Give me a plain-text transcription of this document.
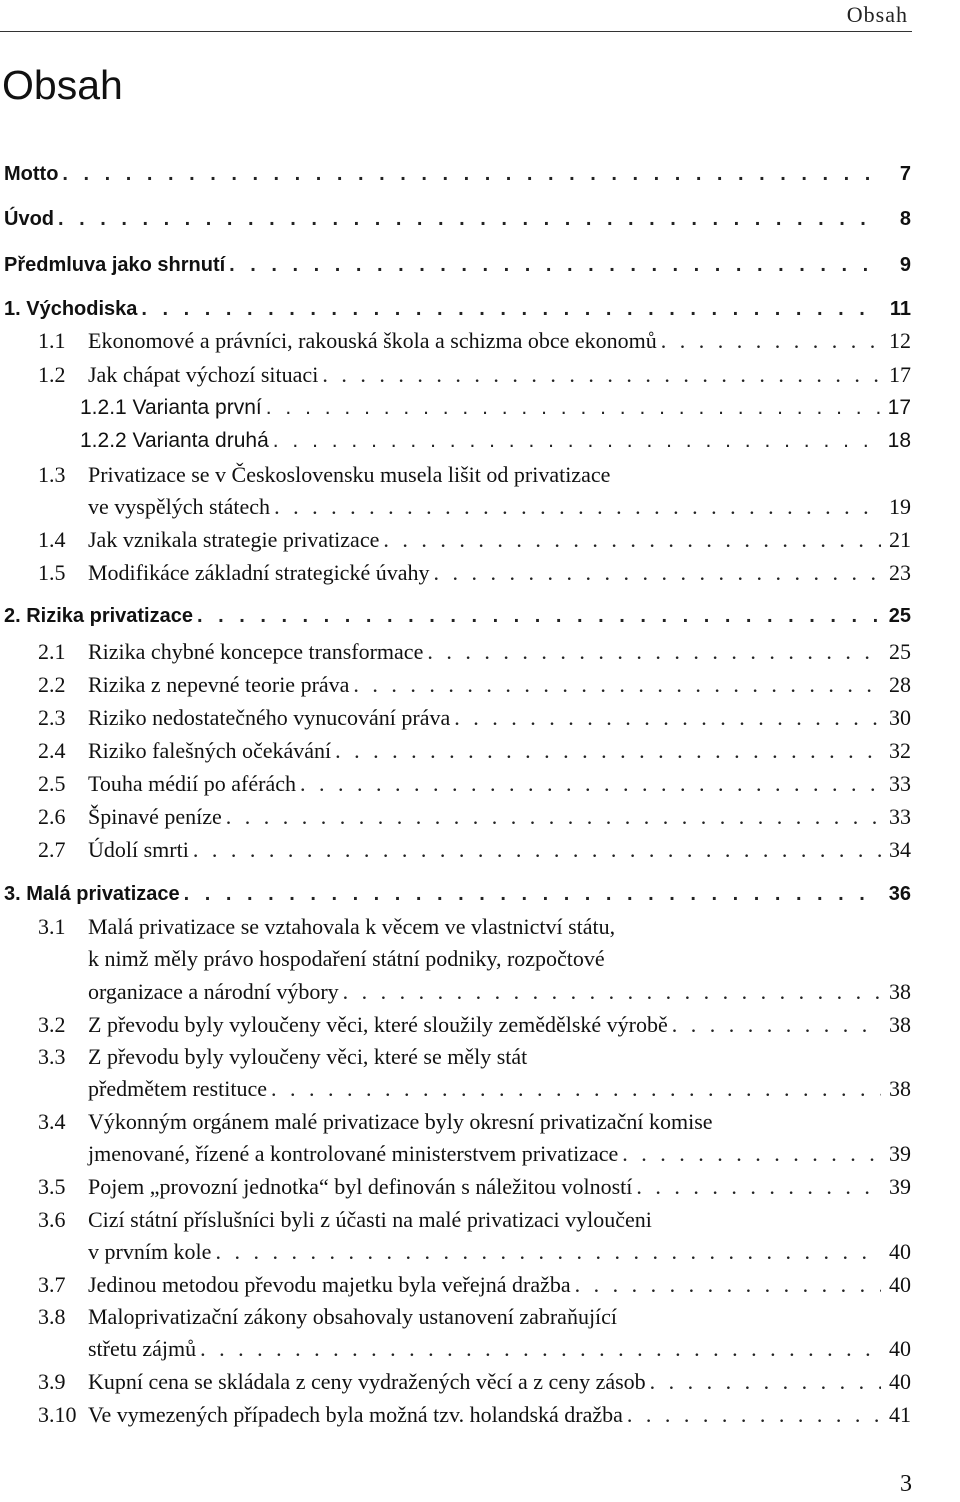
Obsah
Obsah
Motto . . .	7
Úvod . . .	8
Předmluva jako shrnutí . . .	9
1. Východiska . . .	11
1.1	Ekonomové a právníci, rakouská škola a schizma obce ekonomů . . .	12
1.2	Jak chápat výchozí situaci . . .	17
1.2.1 Varianta první . . .	17
1.2.2 Varianta druhá . . .	18
1.3 Privatizace se v Československu musela lišit od privatizace
ve vyspělých státech . . .	19
1.4	Jak vznikala strategie privatizace . . .	21
1.5	Modifikáce základní strategické úvahy . . .	23
2. Rizika privatizace . . .	25
2.1	Rizika chybné koncepce transformace . . .	25
2.2	Rizika z nepevné teorie práva . . .	28
2.3	Riziko nedostatečného vynucování práva . . .	30
2.4	Riziko falešných očekávání . . .	32
2.5	Touha médií po aférách . . .	33
2.6	Špinavé peníze . . .	33
2.7	Údolí smrti . . .	34
3. Malá privatizace . . .	36
3.1 Malá privatizace se vztahovala k věcem ve vlastnictví státu,
k nimž měly právo hospodaření státní podniky, rozpočtové
organizace a národní výbory . . .	38
3.2	Z převodu byly vyloučeny věci, které sloužily zemědělské výrobě . . .	38
3.3 Z převodu byly vyloučeny věci, které se měly stát
předmětem restituce . . .	38
3.4 Výkonným orgánem malé privatizace byly okresní privatizační komise
jmenované, řízené a kontrolované ministerstvem privatizace . . .	39
3.5	Pojem „provozní jednotka“ byl definován s náležitou volností . . .	39
3.6 Cizí státní příslušníci byli z účasti na malé privatizaci vyloučeni
v prvním kole . . .	40
3.7	Jedinou metodou převodu majetku byla veřejná dražba . . .	40
3.8 Maloprivatizační zákony obsahovaly ustanovení zabraňující
střetu zájmů . . .	40
3.9	Kupní cena se skládala z ceny vydražených věcí a z ceny zásob . . .	40
3.10 Ve vymezených případech byla možná tzv. holandská dražba . . .	41
3
